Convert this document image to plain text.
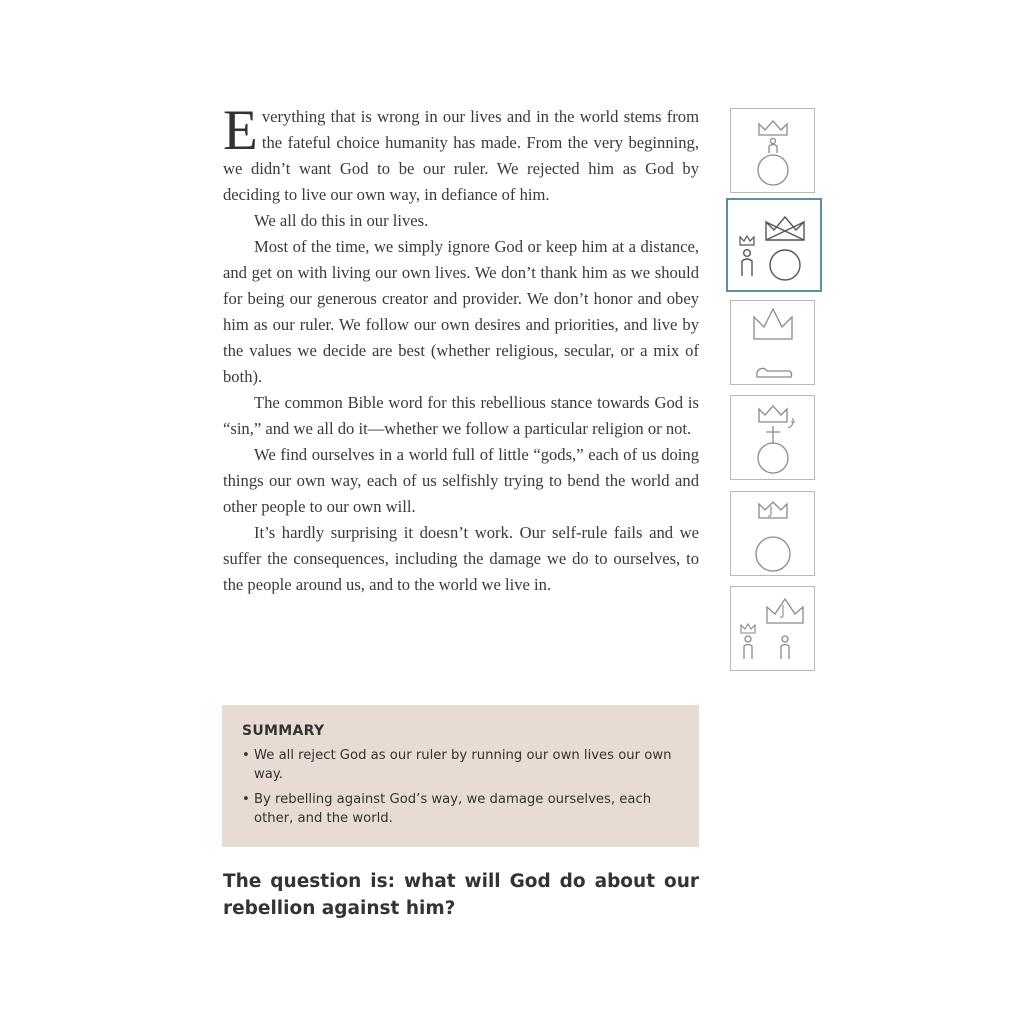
Everything that is wrong in our lives and in the world stems from the fateful choice humanity has made. From the very beginning, we didn’t want God to be our ruler. We rejected him as God by deciding to live our own way, in defiance of him.

We all do this in our lives.

Most of the time, we simply ignore God or keep him at a distance, and get on with living our own lives. We don’t thank him as we should for being our generous creator and provider. We don’t honor and obey him as our ruler. We follow our own desires and priorities, and live by the values we decide are best (whether religious, secular, or a mix of both).

The common Bible word for this rebellious stance towards God is “sin,” and we all do it—whether we follow a particular religion or not.

We find ourselves in a world full of little “gods,” each of us doing things our own way, each of us selfishly trying to bend the world and other people to our own will.

It’s hardly surprising it doesn’t work. Our self-rule fails and we suffer the consequences, including the damage we do to ourselves, to the people around us, and to the world we live in.

SUMMARY
• We all reject God as our ruler by running our own lives our own way.
• By rebelling against God’s way, we damage ourselves, each other, and the world.
The question is: what will God do about our rebellion against him?
